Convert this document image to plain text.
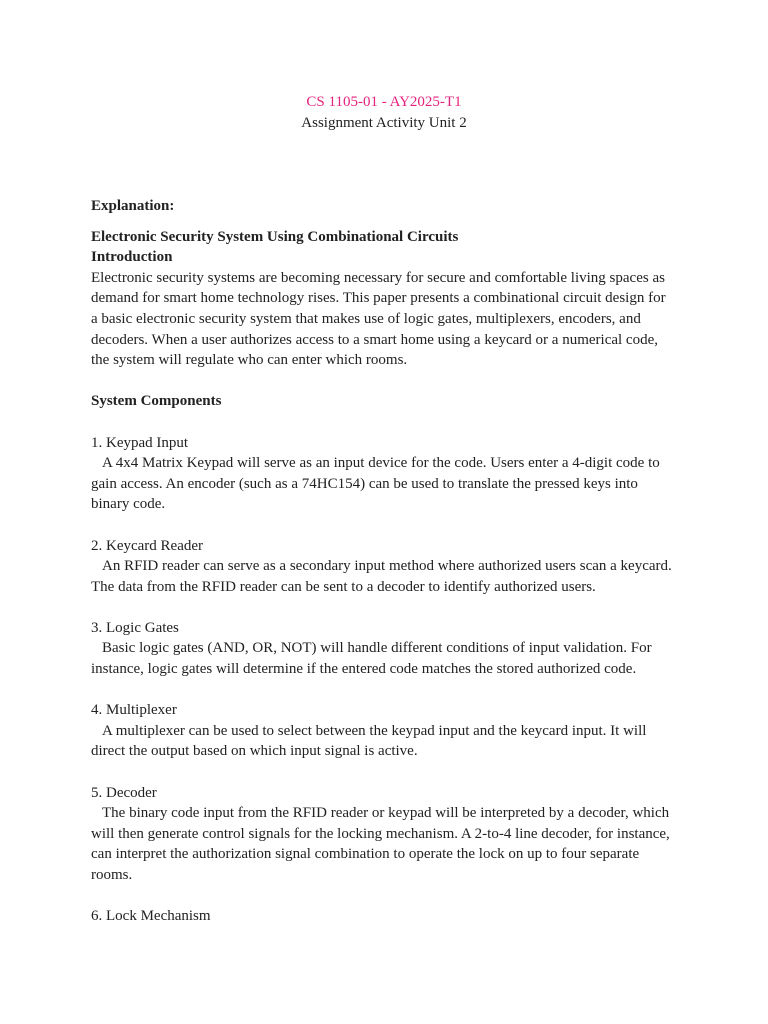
CS 1105-01 - AY2025-T1
Assignment Activity Unit 2

Explanation:

Electronic Security System Using Combinational Circuits

Introduction

Electronic security systems are becoming necessary for secure and comfortable living spaces as

demand for smart home technology rises. This paper presents a combinational circuit design for

a basic electronic security system that makes use of logic gates, multiplexers, encoders, and

decoders. When a user authorizes access to a smart home using a keycard or a numerical code,

the system will regulate who can enter which rooms.

System Components

1. Keypad Input

A 4x4 Matrix Keypad will serve as an input device for the code. Users enter a 4-digit code to

gain access. An encoder (such as a 74HC154) can be used to translate the pressed keys into

binary code.

2. Keycard Reader

An RFID reader can serve as a secondary input method where authorized users scan a keycard.

The data from the RFID reader can be sent to a decoder to identify authorized users.

3. Logic Gates

Basic logic gates (AND, OR, NOT) will handle different conditions of input validation. For

instance, logic gates will determine if the entered code matches the stored authorized code.

4. Multiplexer

A multiplexer can be used to select between the keypad input and the keycard input. It will

direct the output based on which input signal is active.

5. Decoder

The binary code input from the RFID reader or keypad will be interpreted by a decoder, which

will then generate control signals for the locking mechanism. A 2-to-4 line decoder, for instance,

can interpret the authorization signal combination to operate the lock on up to four separate

rooms.

6. Lock Mechanism
